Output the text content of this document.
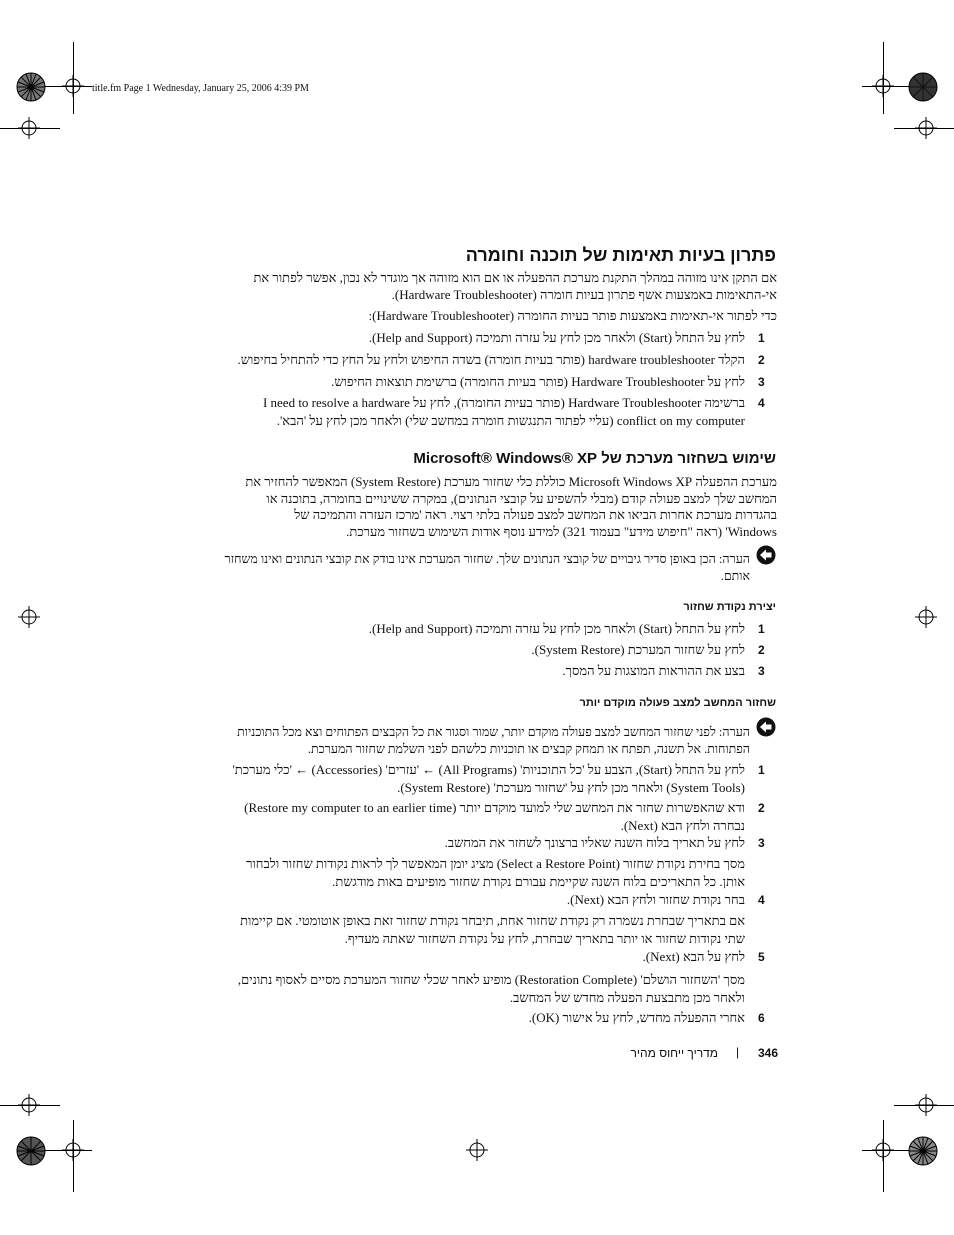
title.fm Page 1 Wednesday, January 25, 2006 4:39 PM
פתרון בעיות תאימות של תוכנה וחומרה
אם התקן אינו מזוהה במהלך התקנת מערכת ההפעלה או אם הוא מזוהה אך מוגדר לא נכון, אפשר לפתור את
אי-התאימות באמצעות אשף פתרון בעיות חומרה (Hardware Troubleshooter).
כדי לפתור אי-תאימות באמצעות פותר בעיות החומרה (Hardware Troubleshooter):
1
לחץ על התחל (Start) ולאחר מכן לחץ על עזרה ותמיכה (Help and Support).
2
הקלד hardware troubleshooter (פותר בעיות חומרה) בשדה החיפוש ולחץ על החץ כדי להתחיל בחיפוש.
3
לחץ על Hardware Troubleshooter (פותר בעיות החומרה) ברשימת תוצאות החיפוש.
4
ברשימה Hardware Troubleshooter (פותר בעיות החומרה), לחץ על I need to resolve a hardware
conflict on my computer (עליי לפתור התנגשות חומרה במחשב שלי) ולאחר מכן לחץ על 'הבא'.
שימוש בשחזור מערכת של Microsoft® Windows® XP
מערכת ההפעלה Microsoft Windows XP כוללת כלי שחזור מערכת (System Restore) המאפשר להחזיר את
המחשב שלך למצב פעולה קודם (מבלי להשפיע על קובצי הנתונים), במקרה ששינויים בחומרה, בתוכנה או
בהגדרות מערכת אחרות הביאו את המחשב למצב פעולה בלתי רצוי. ראה 'מרכז העזרה והתמיכה של
Windows' (ראה "חיפוש מידע" בעמוד 321) למידע נוסף אודות השימוש בשחזור מערכת.
הערה: הכן באופן סדיר גיבויים של קובצי הנתונים שלך. שחזור המערכת אינו בודק את קובצי הנתונים ואינו משחזר
אותם.
יצירת נקודת שחזור
1
לחץ על התחל (Start) ולאחר מכן לחץ על עזרה ותמיכה (Help and Support).
2
לחץ על שחזור המערכת (System Restore).
3
בצע את ההוראות המוצגות על המסך.
שחזור המחשב למצב פעולה מוקדם יותר
הערה: לפני שחזור המחשב למצב פעולה מוקדם יותר, שמור וסגור את כל הקבצים הפתוחים וצא מכל התוכניות
הפתוחות. אל תשנה, תפתח או תמחק קבצים או תוכניות כלשהם לפני השלמת שחזור המערכת.
1
לחץ על התחל (Start), הצבע על 'כל התוכניות' (All Programs) ← 'עזרים' (Accessories) ← 'כלי מערכת'
(System Tools) ולאחר מכן לחץ על 'שחזור מערכת' (System Restore).
2
ודא שהאפשרות שחזר את המחשב שלי למועד מוקדם יותר (Restore my computer to an earlier time)
נבחרה ולחץ הבא (Next).
3
לחץ על תאריך בלוח השנה שאליו ברצונך לשחזר את המחשב.
מסך בחירת נקודת שחזור (Select a Restore Point) מציג יומן המאפשר לך לראות נקודות שחזור ולבחור
אותן. כל התאריכים בלוח השנה שקיימת עבורם נקודת שחזור מופיעים באות מודגשת.
4
בחר נקודת שחזור ולחץ הבא (Next).
אם בתאריך שבחרת נשמרה רק נקודת שחזור אחת, תיבחר נקודת שחזור זאת באופן אוטומטי. אם קיימות
שתי נקודות שחזור או יותר בתאריך שבחרת, לחץ על נקודת השחזור שאתה מעדיף.
5
לחץ על הבא (Next).
מסך 'השחזור הושלם' (Restoration Complete) מופיע לאחר שכלי שחזור המערכת מסיים לאסוף נתונים,
ולאחר מכן מתבצעת הפעלה מחדש של המחשב.
6
אחרי ההפעלה מחדש, לחץ על אישור (OK).
346
|
מדריך ייחוס מהיר
